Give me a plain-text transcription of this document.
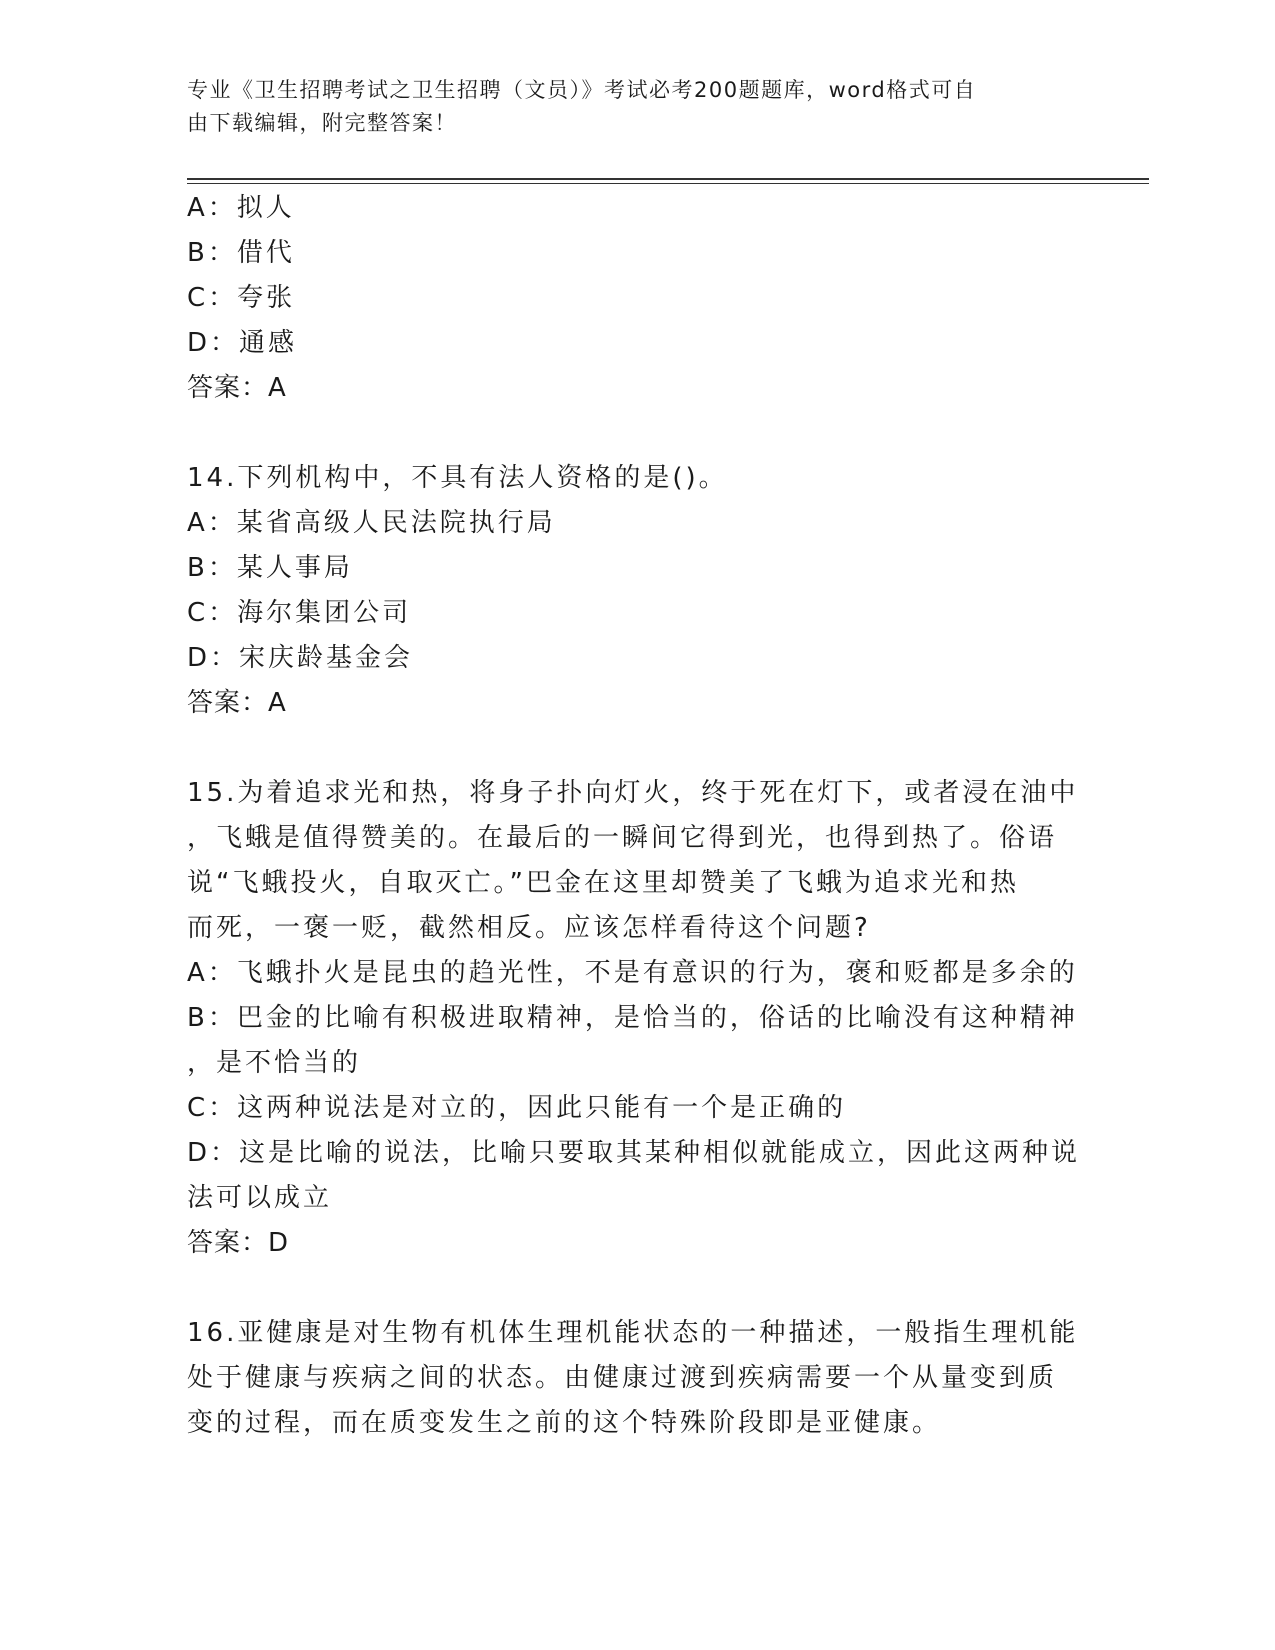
专业《卫生招聘考试之卫生招聘（文员）》考试必考200题题库，word格式可自
由下载编辑，附完整答案！
A：拟人
B：借代
C：夸张
D：通感
答案：A
14.下列机构中，不具有法人资格的是()。
A：某省高级人民法院执行局
B：某人事局
C：海尔集团公司
D：宋庆龄基金会
答案：A
15.为着追求光和热，将身子扑向灯火，终于死在灯下，或者浸在油中
，飞蛾是值得赞美的。在最后的一瞬间它得到光，也得到热了。俗语
说“飞蛾投火，自取灭亡。”巴金在这里却赞美了飞蛾为追求光和热
而死，一褒一贬，截然相反。应该怎样看待这个问题?
A：飞蛾扑火是昆虫的趋光性，不是有意识的行为，褒和贬都是多余的
B：巴金的比喻有积极进取精神，是恰当的，俗话的比喻没有这种精神
，是不恰当的
C：这两种说法是对立的，因此只能有一个是正确的
D：这是比喻的说法，比喻只要取其某种相似就能成立，因此这两种说
法可以成立
答案：D
16.亚健康是对生物有机体生理机能状态的一种描述，一般指生理机能
处于健康与疾病之间的状态。由健康过渡到疾病需要一个从量变到质
变的过程，而在质变发生之前的这个特殊阶段即是亚健康。
